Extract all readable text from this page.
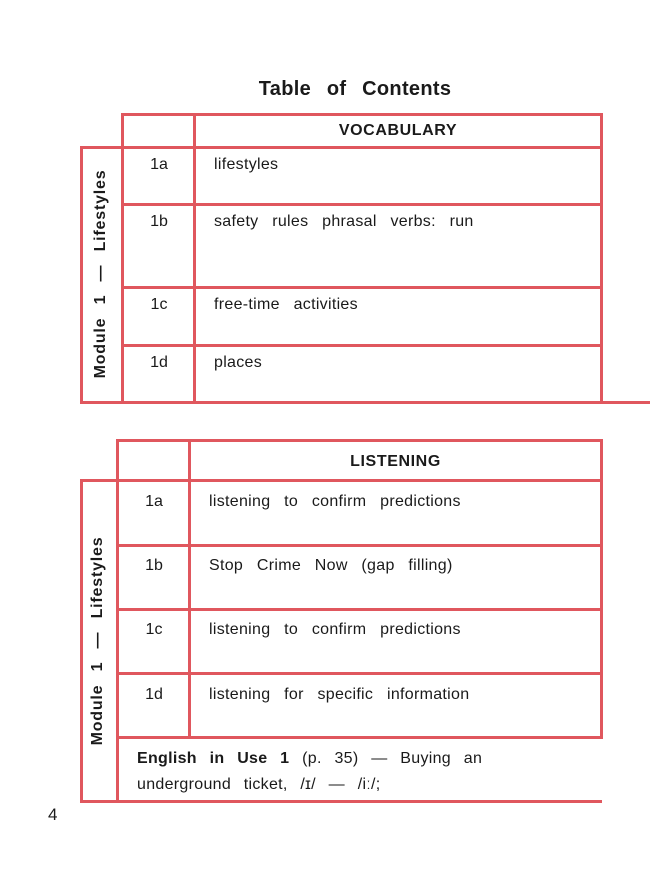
Table of Contents
VOCABULARY
Module 1 — Lifestyles
1a	lifestyles
1b	safety rules phrasal verbs: run
1c	free-time activities
1d	places
LISTENING
Module 1 — Lifestyles
1a	listening to confirm predictions
1b	Stop Crime Now (gap filling)
1c	listening to confirm predictions
1d	listening for specific information
English in Use 1 (p. 35) — Buying an
underground ticket, /ɪ/ — /iː/;
4
